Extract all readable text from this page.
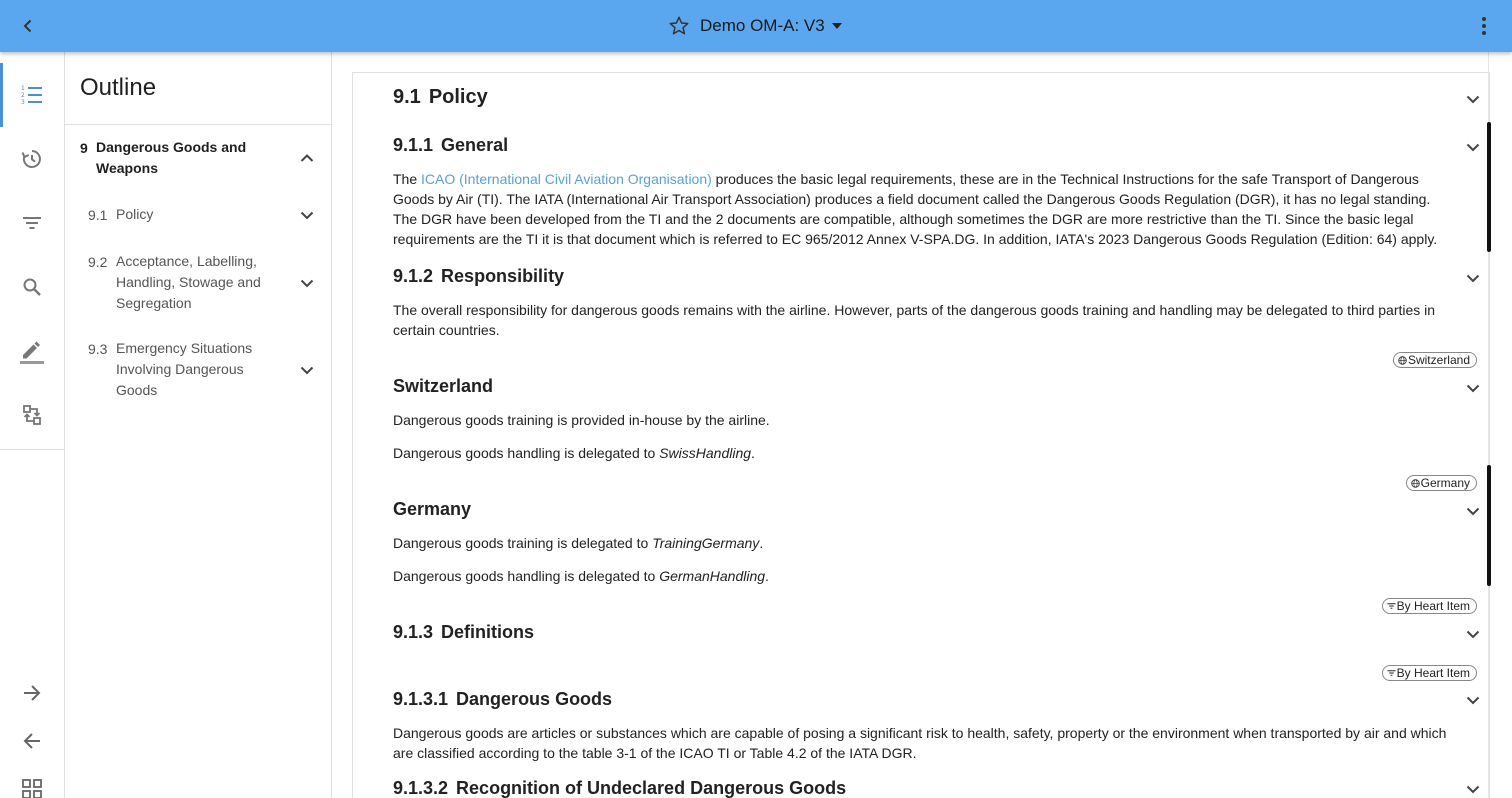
Demo OM-A: V3
1
2
3
Outline
9 Dangerous Goods and Weapons
9.1 Policy
9.2 Acceptance, Labelling, Handling, Stowage and Segregation
9.3 Emergency Situations Involving Dangerous Goods
9.1 Policy
9.1.1 General
The ICAO (International Civil Aviation Organisation) produces the basic legal requirements, these are in the Technical Instructions for the safe Transport of Dangerous Goods by Air (TI). The IATA (International Air Transport Association) produces a field document called the Dangerous Goods Regulation (DGR), it has no legal standing. The DGR have been developed from the TI and the 2 documents are compatible, although sometimes the DGR are more restrictive than the TI. Since the basic legal requirements are the TI it is that document which is referred to EC 965/2012 Annex V-SPA.DG. In addition, IATA's 2023 Dangerous Goods Regulation (Edition: 64) apply.
9.1.2 Responsibility
The overall responsibility for dangerous goods remains with the airline. However, parts of the dangerous goods training and handling may be delegated to third parties in certain countries.
Switzerland
Switzerland
Dangerous goods training is provided in-house by the airline.
Dangerous goods handling is delegated to SwissHandling.
Germany
Germany
Dangerous goods training is delegated to TrainingGermany.
Dangerous goods handling is delegated to GermanHandling.
By Heart Item
9.1.3 Definitions
By Heart Item
9.1.3.1 Dangerous Goods
Dangerous goods are articles or substances which are capable of posing a significant risk to health, safety, property or the environment when transported by air and which are classified according to the table 3-1 of the ICAO TI or Table 4.2 of the IATA DGR.
9.1.3.2 Recognition of Undeclared Dangerous Goods
